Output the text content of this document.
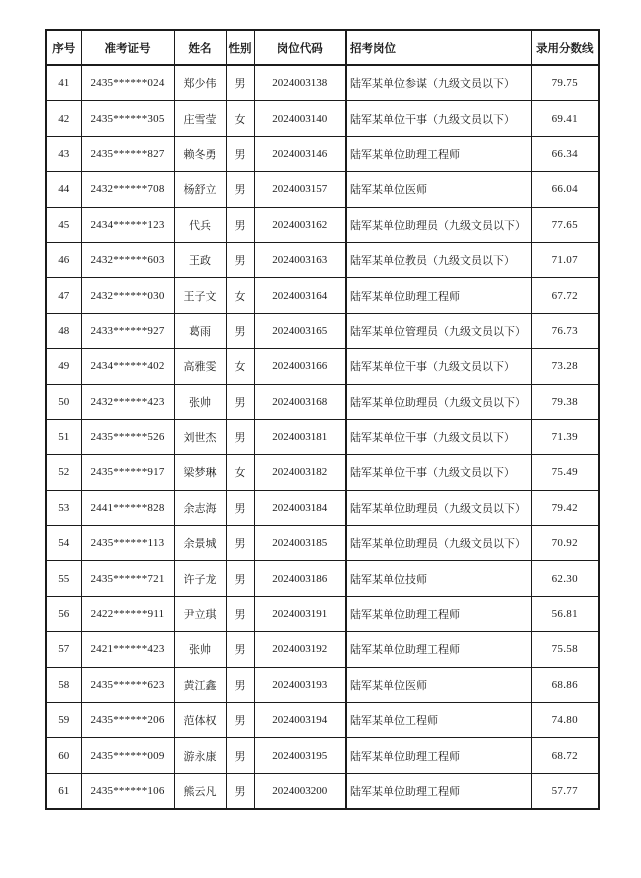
序号	准考证号	姓名	性别	岗位代码	招考岗位	录用分数线
41	2435******024	郑少伟	男	2024003138	陆军某单位参谋（九级文员以下）	79.75
42	2435******305	庄雪莹	女	2024003140	陆军某单位干事（九级文员以下）	69.41
43	2435******827	赖冬勇	男	2024003146	陆军某单位助理工程师	66.34
44	2432******708	杨舒立	男	2024003157	陆军某单位医师	66.04
45	2434******123	代兵	男	2024003162	陆军某单位助理员（九级文员以下）	77.65
46	2432******603	王政	男	2024003163	陆军某单位教员（九级文员以下）	71.07
47	2432******030	王子文	女	2024003164	陆军某单位助理工程师	67.72
48	2433******927	葛雨	男	2024003165	陆军某单位管理员（九级文员以下）	76.73
49	2434******402	高雅雯	女	2024003166	陆军某单位干事（九级文员以下）	73.28
50	2432******423	张帅	男	2024003168	陆军某单位助理员（九级文员以下）	79.38
51	2435******526	刘世杰	男	2024003181	陆军某单位干事（九级文员以下）	71.39
52	2435******917	梁梦琳	女	2024003182	陆军某单位干事（九级文员以下）	75.49
53	2441******828	余志海	男	2024003184	陆军某单位助理员（九级文员以下）	79.42
54	2435******113	余景城	男	2024003185	陆军某单位助理员（九级文员以下）	70.92
55	2435******721	许子龙	男	2024003186	陆军某单位技师	62.30
56	2422******911	尹立琪	男	2024003191	陆军某单位助理工程师	56.81
57	2421******423	张帅	男	2024003192	陆军某单位助理工程师	75.58
58	2435******623	黄江鑫	男	2024003193	陆军某单位医师	68.86
59	2435******206	范体权	男	2024003194	陆军某单位工程师	74.80
60	2435******009	游永康	男	2024003195	陆军某单位助理工程师	68.72
61	2435******106	熊云凡	男	2024003200	陆军某单位助理工程师	57.77
